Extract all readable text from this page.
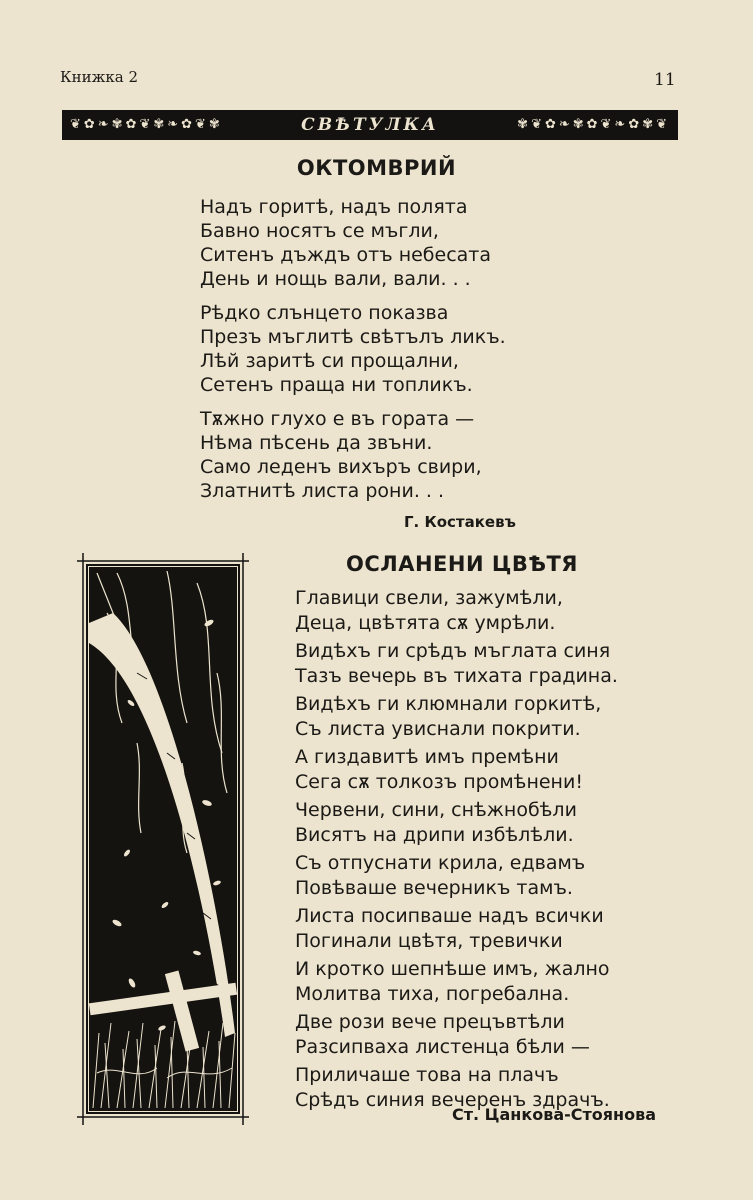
Книжка 2	11
❦✿❧✾✿❦✾❧✿❦✾	СВѢТУЛКА	✾❦✿❧✾✿❦❧✿✾❦
ОКТОМВРИЙ
Надъ горитѣ, надъ полята
Бавно носятъ се мъгли,
Ситенъ дъждъ отъ небесата
День и нощь вали, вали. . .
Рѣдко слънцето показва
Презъ мъглитѣ свѣтълъ ликъ.
Лѣй заритѣ си прощални,
Сетенъ праща ни топликъ.
Тѫжно глухо е въ гората —
Нѣма пѣсень да звъни.
Само леденъ вихъръ свири,
Златнитѣ листа рони. . .
Г. Костакевъ
ОСЛАНЕНИ ЦВѢТЯ
Главици свели, зажумѣли,
Деца, цвѣтята сѫ умрѣли.
Видѣхъ ги срѣдъ мъглата синя
Тазъ вечерь въ тихата градина.
Видѣхъ ги клюмнали горкитѣ,
Съ листа увиснали покрити.
А гиздавитѣ имъ премѣни
Сега сѫ толкозъ промѣнени!
Червени, сини, снѣжнобѣли
Висятъ на дрипи избѣлѣли.
Съ отпуснати крила, едвамъ
Повѣваше вечерникъ тамъ.
Листа посипваше надъ всички
Погинали цвѣтя, тревички
И кротко шепнѣше имъ, жално
Молитва тиха, погребална.
Две рози вече прецъвтѣли
Разсипваха листенца бѣли —
Приличаше това на плачъ
Срѣдъ синия вечеренъ здрачъ.
Ст. Цанкова-Стоянова
